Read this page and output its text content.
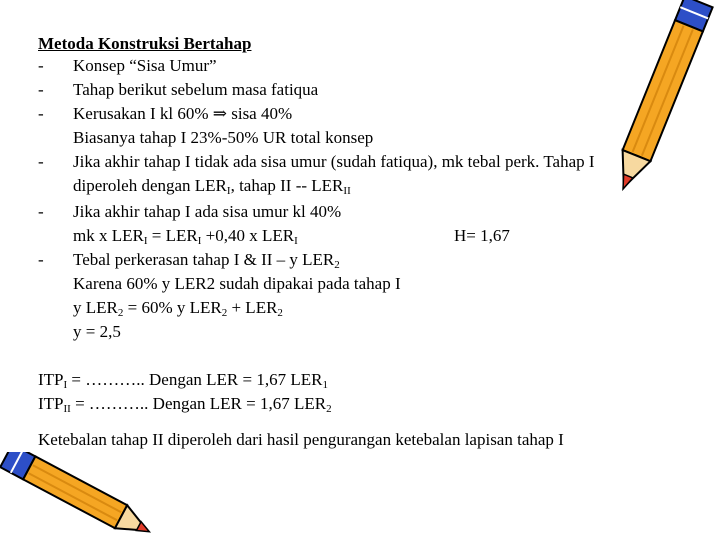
Metoda Konstruksi Bertahap
- Konsep “Sisa Umur”
- Tahap berikut sebelum masa fatiqua
- Kerusakan I kl 60% ⇒ sisa 40%
Biasanya tahap I 23%-50% UR total konsep
- Jika akhir tahap I tidak ada sisa umur (sudah fatiqua), mk tebal perk. Tahap I
diperoleh dengan $LER_I$, tahap II -- $LER_{II}$
- Jika akhir tahap I ada sisa umur kl 40%
mk x $LER_I = LER_I +0,40$ x $LER_I$	H= 1,67
- Tebal perkerasan tahap I & II – y $LER_2$
Karena 60% y LER2 sudah dipakai pada tahap I
y $LER_2 = 60\%$ y $LER_2 + LER_2$
y = 2,5
$ITP_I$ = ……….. Dengan LER = 1,67 $LER_1$
$ITP_{II}$ = ……….. Dengan LER = 1,67 $LER_2$
Ketebalan tahap II diperoleh dari hasil pengurangan ketebalan lapisan tahap I
